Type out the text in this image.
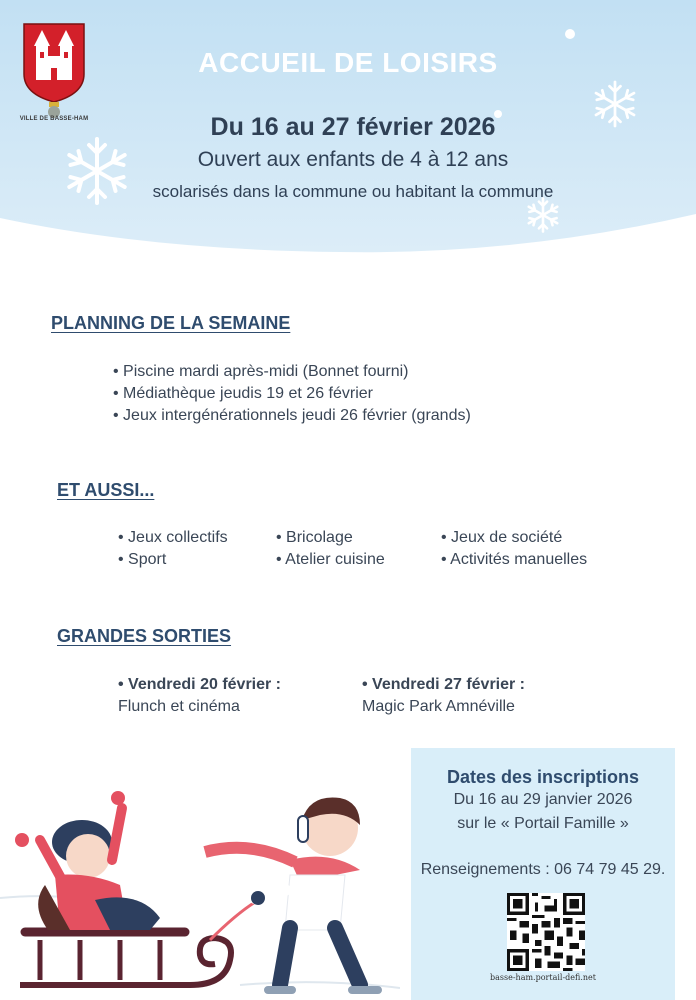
VILLE DE BASSE-HAM
ACCUEIL DE LOISIRS
Du 16 au 27 février 2026
Ouvert aux enfants de 4 à 12 ans
scolarisés dans la commune ou habitant la commune
PLANNING DE LA SEMAINE
• Piscine mardi après-midi (Bonnet fourni)
• Médiathèque jeudis 19 et 26 février
• Jeux intergénérationnels jeudi 26 février (grands)
ET AUSSI...
• Jeux collectifs
• Sport
• Bricolage
• Atelier cuisine
• Jeux de société
• Activités manuelles
GRANDES SORTIES
• Vendredi 20 février :
Flunch et cinéma
• Vendredi 27 février :
Magic Park Amnéville
Dates des inscriptions
Du 16 au 29 janvier 2026
sur le « Portail Famille »
Renseignements : 06 74 79 45 29.
basse-ham.portail-defi.net
